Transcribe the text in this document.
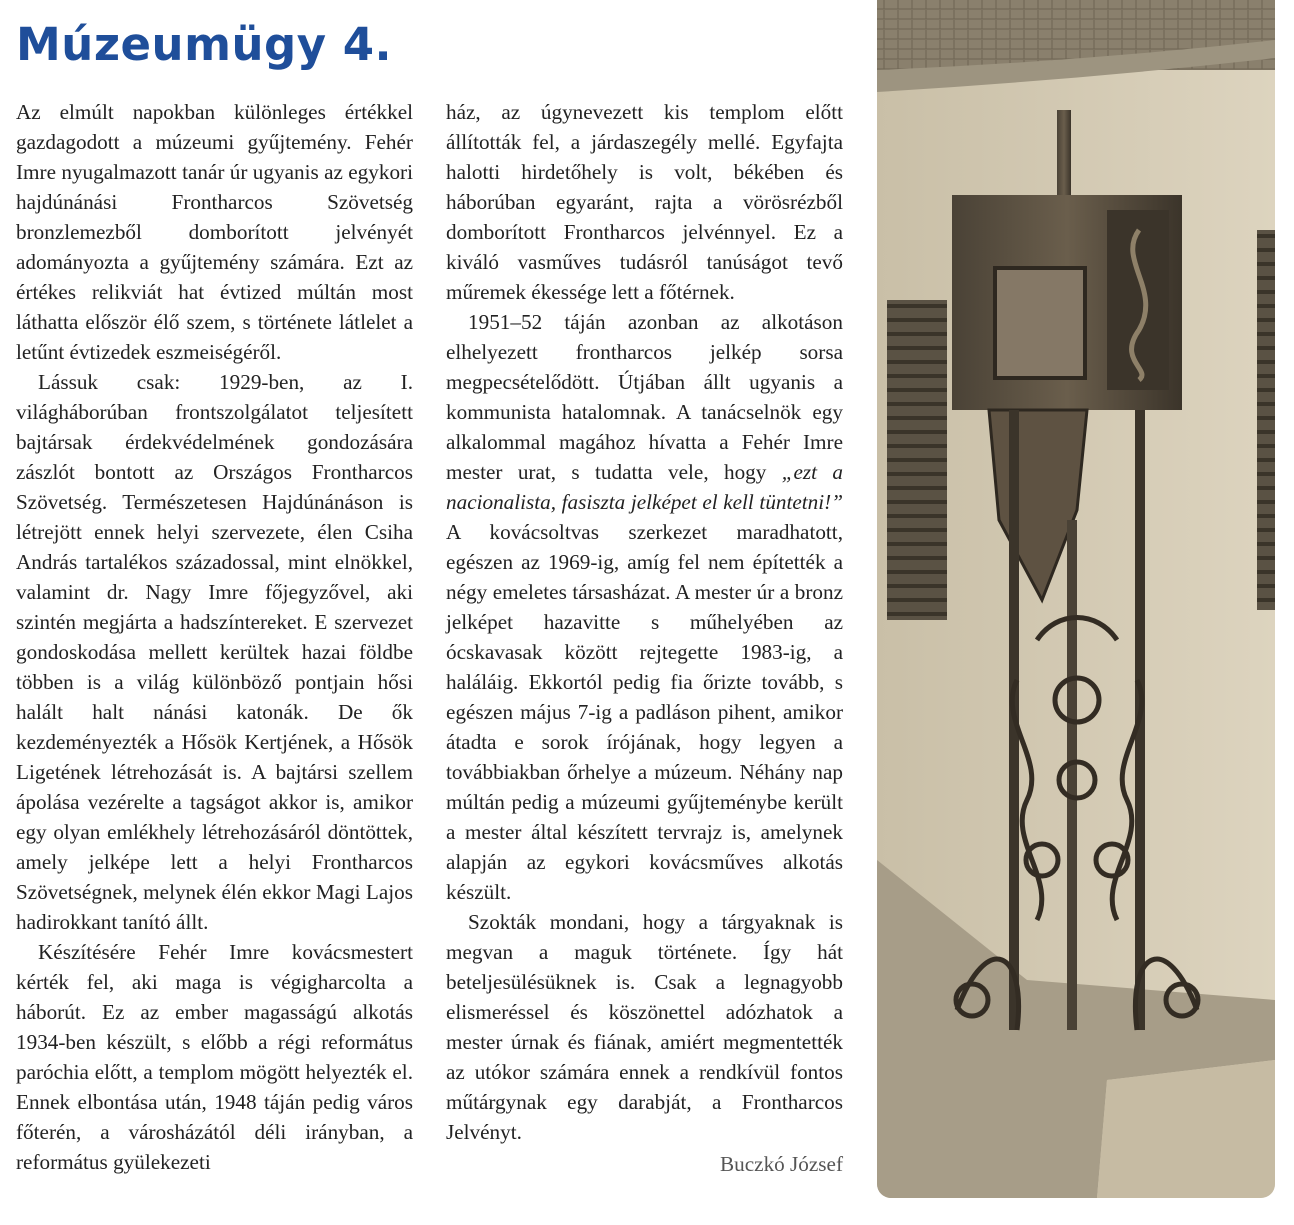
Múzeumügy 4.

Az elmúlt napokban különleges értékkel gazdagodott a múzeumi gyűjtemény. Fehér Imre nyugalmazott tanár úr ugyanis az egykori hajdúnánási Frontharcos Szövetség bronzlemezből domborított jelvényét adományozta a gyűjtemény számára. Ezt az értékes relikviát hat évtized múltán most láthatta először élő szem, s története látlelet a letűnt évtizedek eszmeiségéről.

Lássuk csak: 1929-ben, az I. világháborúban frontszolgálatot teljesített bajtársak érdekvédelmének gondozására zászlót bontott az Országos Frontharcos Szövetség. Természetesen Hajdúnánáson is létrejött ennek helyi szervezete, élen Csiha András tartalékos századossal, mint elnökkel, valamint dr. Nagy Imre főjegyzővel, aki szintén megjárta a hadszíntereket. E szervezet gondoskodása mellett kerültek hazai földbe többen is a világ különböző pontjain hősi halált halt nánási katonák. De ők kezdeményezték a Hősök Kertjének, a Hősök Ligetének létrehozását is. A bajtársi szellem ápolása vezérelte a tagságot akkor is, amikor egy olyan emlékhely létrehozásáról döntöttek, amely jelképe lett a helyi Frontharcos Szövetségnek, melynek élén ekkor Magi Lajos hadirokkant tanító állt.

Készítésére Fehér Imre kovácsmestert kérték fel, aki maga is végigharcolta a háborút. Ez az ember magasságú alkotás 1934-ben készült, s előbb a régi református paróchia előtt, a templom mögött helyezték el. Ennek elbontása után, 1948 táján pedig város főterén, a városházától déli irányban, a református gyülekezeti

ház, az úgynevezett kis templom előtt állították fel, a járdaszegély mellé. Egyfajta halotti hirdetőhely is volt, békében és háborúban egyaránt, rajta a vörösrézből domborított Frontharcos jelvénnyel. Ez a kiváló vasműves tudásról tanúságot tevő műremek ékessége lett a főtérnek.

1951–52 táján azonban az alkotáson elhelyezett frontharcos jelkép sorsa megpecsételődött. Útjában állt ugyanis a kommunista hatalomnak. A tanácselnök egy alkalommal magához hívatta a Fehér Imre mester urat, s tudatta vele, hogy „ezt a nacionalista, fasiszta jelképet el kell tüntetni!” A kovácsoltvas szerkezet maradhatott, egészen az 1969-ig, amíg fel nem építették a négy emeletes társasházat. A mester úr a bronz jelképet hazavitte s műhelyében az ócskavasak között rejtegette 1983-ig, a haláláig. Ekkortól pedig fia őrizte tovább, s egészen május 7-ig a padláson pihent, amikor átadta e sorok írójának, hogy legyen a továbbiakban őrhelye a múzeum. Néhány nap múltán pedig a múzeumi gyűjteménybe került a mester által készített tervrajz is, amelynek alapján az egykori kovácsműves alkotás készült.

Szokták mondani, hogy a tárgyaknak is megvan a maguk története. Így hát beteljesülésüknek is. Csak a legnagyobb elismeréssel és köszönettel adózhatok a mester úrnak és fiának, amiért megmentették az utókor számára ennek a rendkívül fontos műtárgynak egy darabját, a Frontharcos Jelvényt.

Buczkó József
